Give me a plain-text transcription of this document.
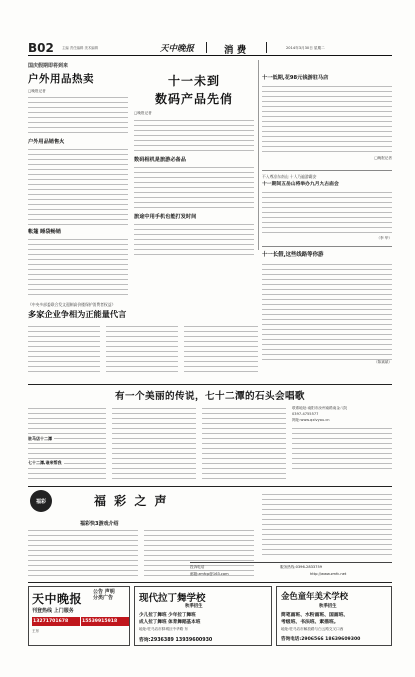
B02 主编 责任编辑 美术编辑	天中晚报	消 费	2014年3月30日 星期二
国庆假期即将到来
户外用品热卖
□晚报记者
户外用品销售火
帐篷 睡袋畅销
十一未到
数码产品先俏
□晚报记者
数码相机是旅游必备品
旅途中用手机也能打发时间
十一低期,花98元钱游驻马店
□晚报记者
不入尊凉东南山 十人乃遍游霸安
十一期间五岳山将举办九月九古庙会
（李 华）
十一长假,这些线路等你游
（陈斌斌）
《中央多部委联合发文遏制高价楼保护消费者权益》
多家企业争相为正能量代言
有一个美丽的传说，七十二潭的石头会唱歌
驻马店十二潭
七十二潭,谁来帮我
联系地址:南阳市汝州南路南金八院
0397-4755577
网址:www.qxlvyou.cn
福彩	福 彩 之 声
福彩快3游戏介绍
投诉电话	服务热线:0396-2833759
邮箱:zmfcp@163.com	http://www.zmfc.net
天中晚报 公告 声明
分类广告
刊登热线 上门服务
13271701678	15539915918
王东
现代拉丁舞学校
秋季招生
少儿拉丁舞班 少年拉丁舞班
成人拉丁舞班 体育舞蹈基本班
地址:驻马店市驿城区中华路 东
咨询:2936389 13939600930
金色童年美术学校
秋季招生
简笔画班、水粉画班、国画班、
考级班、书法班、素描班。
地址:驻马店市解放路与白云路交叉口西
咨询电话:2906566 18639609300
